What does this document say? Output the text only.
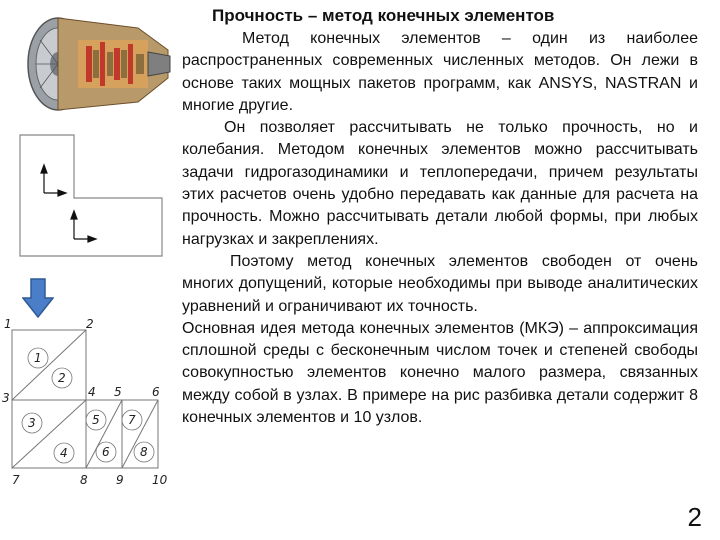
1
2
3
4
5
6
7
8
1	2
3	4 5	6
7	8 9 10
Прочность – метод конечных элементов

Метод конечных элементов – один из наиболее распространенных современных численных методов. Он лежи в основе таких мощных пакетов программ, как ANSYS, NASTRAN и многие другие.

Он позволяет рассчитывать не только прочность, но и колебания. Методом конечных элементов можно рассчитывать задачи гидрогазодинамики и теплопередачи, причем результаты этих расчетов очень удобно передавать как данные для расчета на прочность. Можно рассчитывать детали любой формы, при любых нагрузках и закреплениях.

Поэтому метод конечных элементов свободен от очень многих допущений, которые необходимы при выводе аналитических уравнений и ограничивают их точность.

Основная идея метода конечных элементов (МКЭ) – аппроксимация сплошной среды с бесконечным числом точек и степеней свободы совокупностью элементов конечно малого размера, связанных между собой в узлах. В примере на рис разбивка детали содержит 8 конечных элементов и 10 узлов.

2
